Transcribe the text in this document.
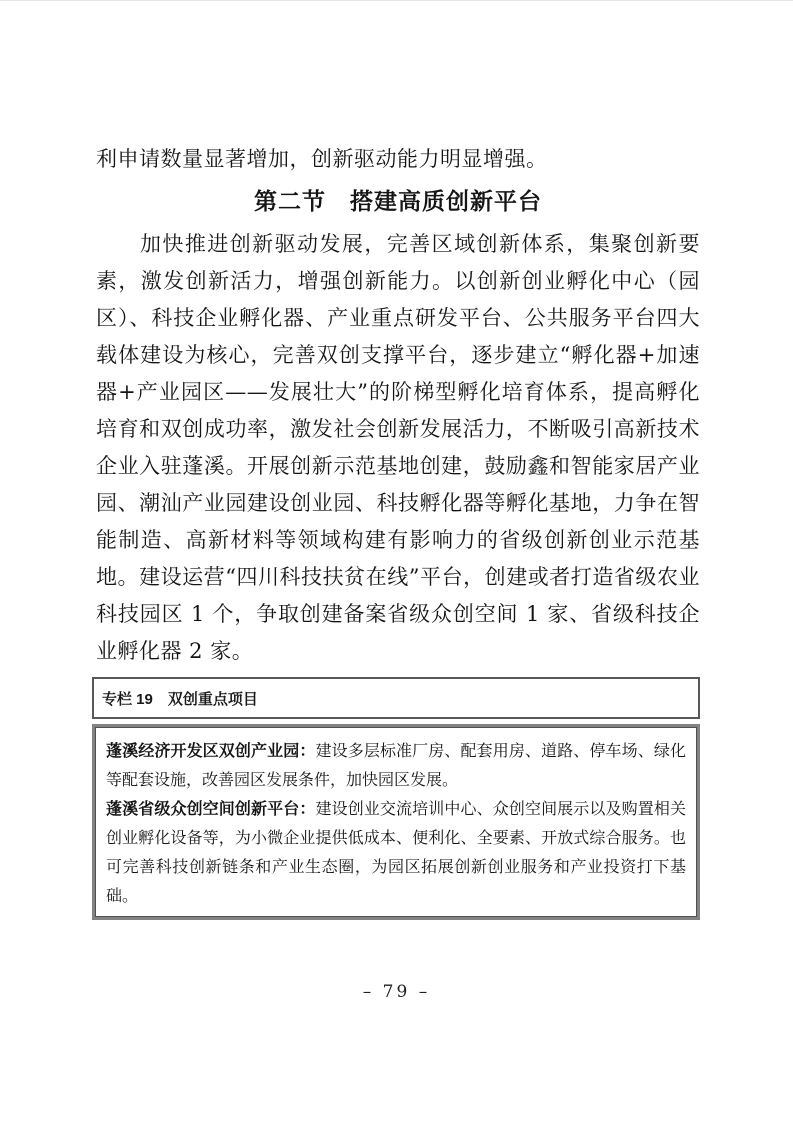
利申请数量显著增加，创新驱动能力明显增强。
第二节　搭建高质创新平台
加快推进创新驱动发展，完善区域创新体系，集聚创新要素，激发创新活力，增强创新能力。以创新创业孵化中心（园区）、科技企业孵化器、产业重点研发平台、公共服务平台四大载体建设为核心，完善双创支撑平台，逐步建立“孵化器+加速器+产业园区——发展壮大”的阶梯型孵化培育体系，提高孵化培育和双创成功率，激发社会创新发展活力，不断吸引高新技术企业入驻蓬溪。开展创新示范基地创建，鼓励鑫和智能家居产业园、潮汕产业园建设创业园、科技孵化器等孵化基地，力争在智能制造、高新材料等领域构建有影响力的省级创新创业示范基地。建设运营“四川科技扶贫在线”平台，创建或者打造省级农业科技园区 1 个，争取创建备案省级众创空间 1 家、省级科技企业孵化器 2 家。
专栏 19　双创重点项目

蓬溪经济开发区双创产业园：建设多层标准厂房、配套用房、道路、停车场、绿化等配套设施，改善园区发展条件，加快园区发展。

蓬溪省级众创空间创新平台：建设创业交流培训中心、众创空间展示以及购置相关创业孵化设备等，为小微企业提供低成本、便利化、全要素、开放式综合服务。也可完善科技创新链条和产业生态圈，为园区拓展创新创业服务和产业投资打下基础。

– 79 –
